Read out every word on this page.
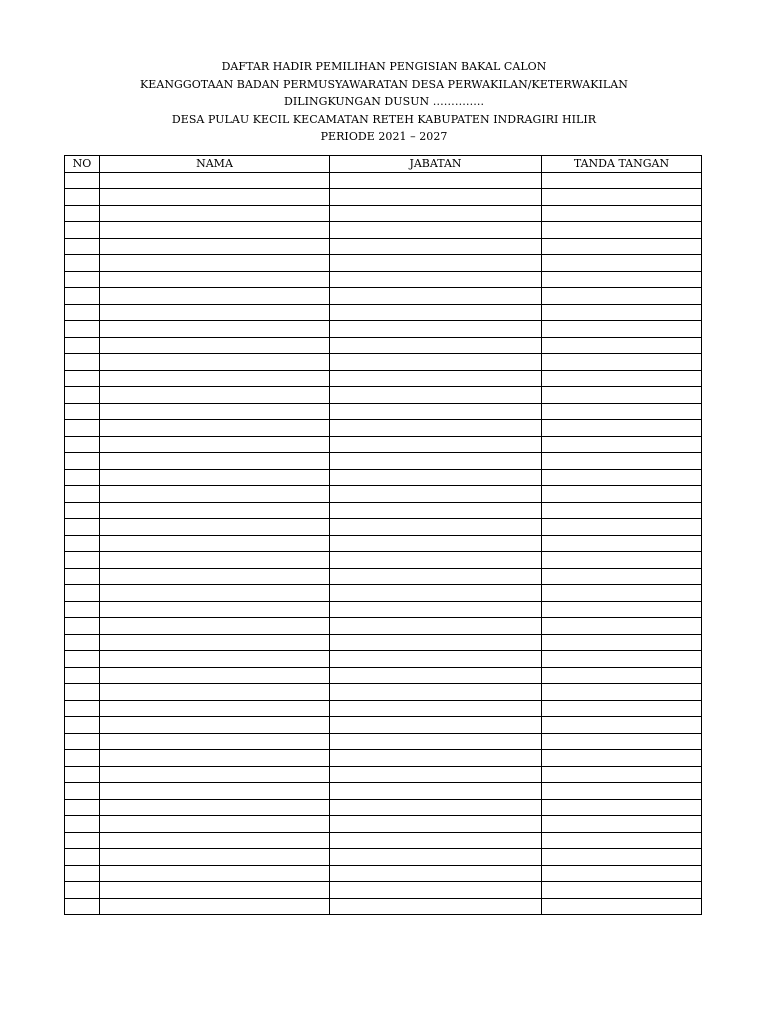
DAFTAR HADIR PEMILIHAN PENGISIAN BAKAL CALON
KEANGGOTAAN BADAN PERMUSYAWARATAN DESA PERWAKILAN/KETERWAKILAN
DILINGKUNGAN DUSUN …………..
DESA PULAU KECIL KECAMATAN RETEH KABUPATEN INDRAGIRI HILIR
PERIODE 2021 – 2027
NO	NAMA	JABATAN	TANDA TANGAN
